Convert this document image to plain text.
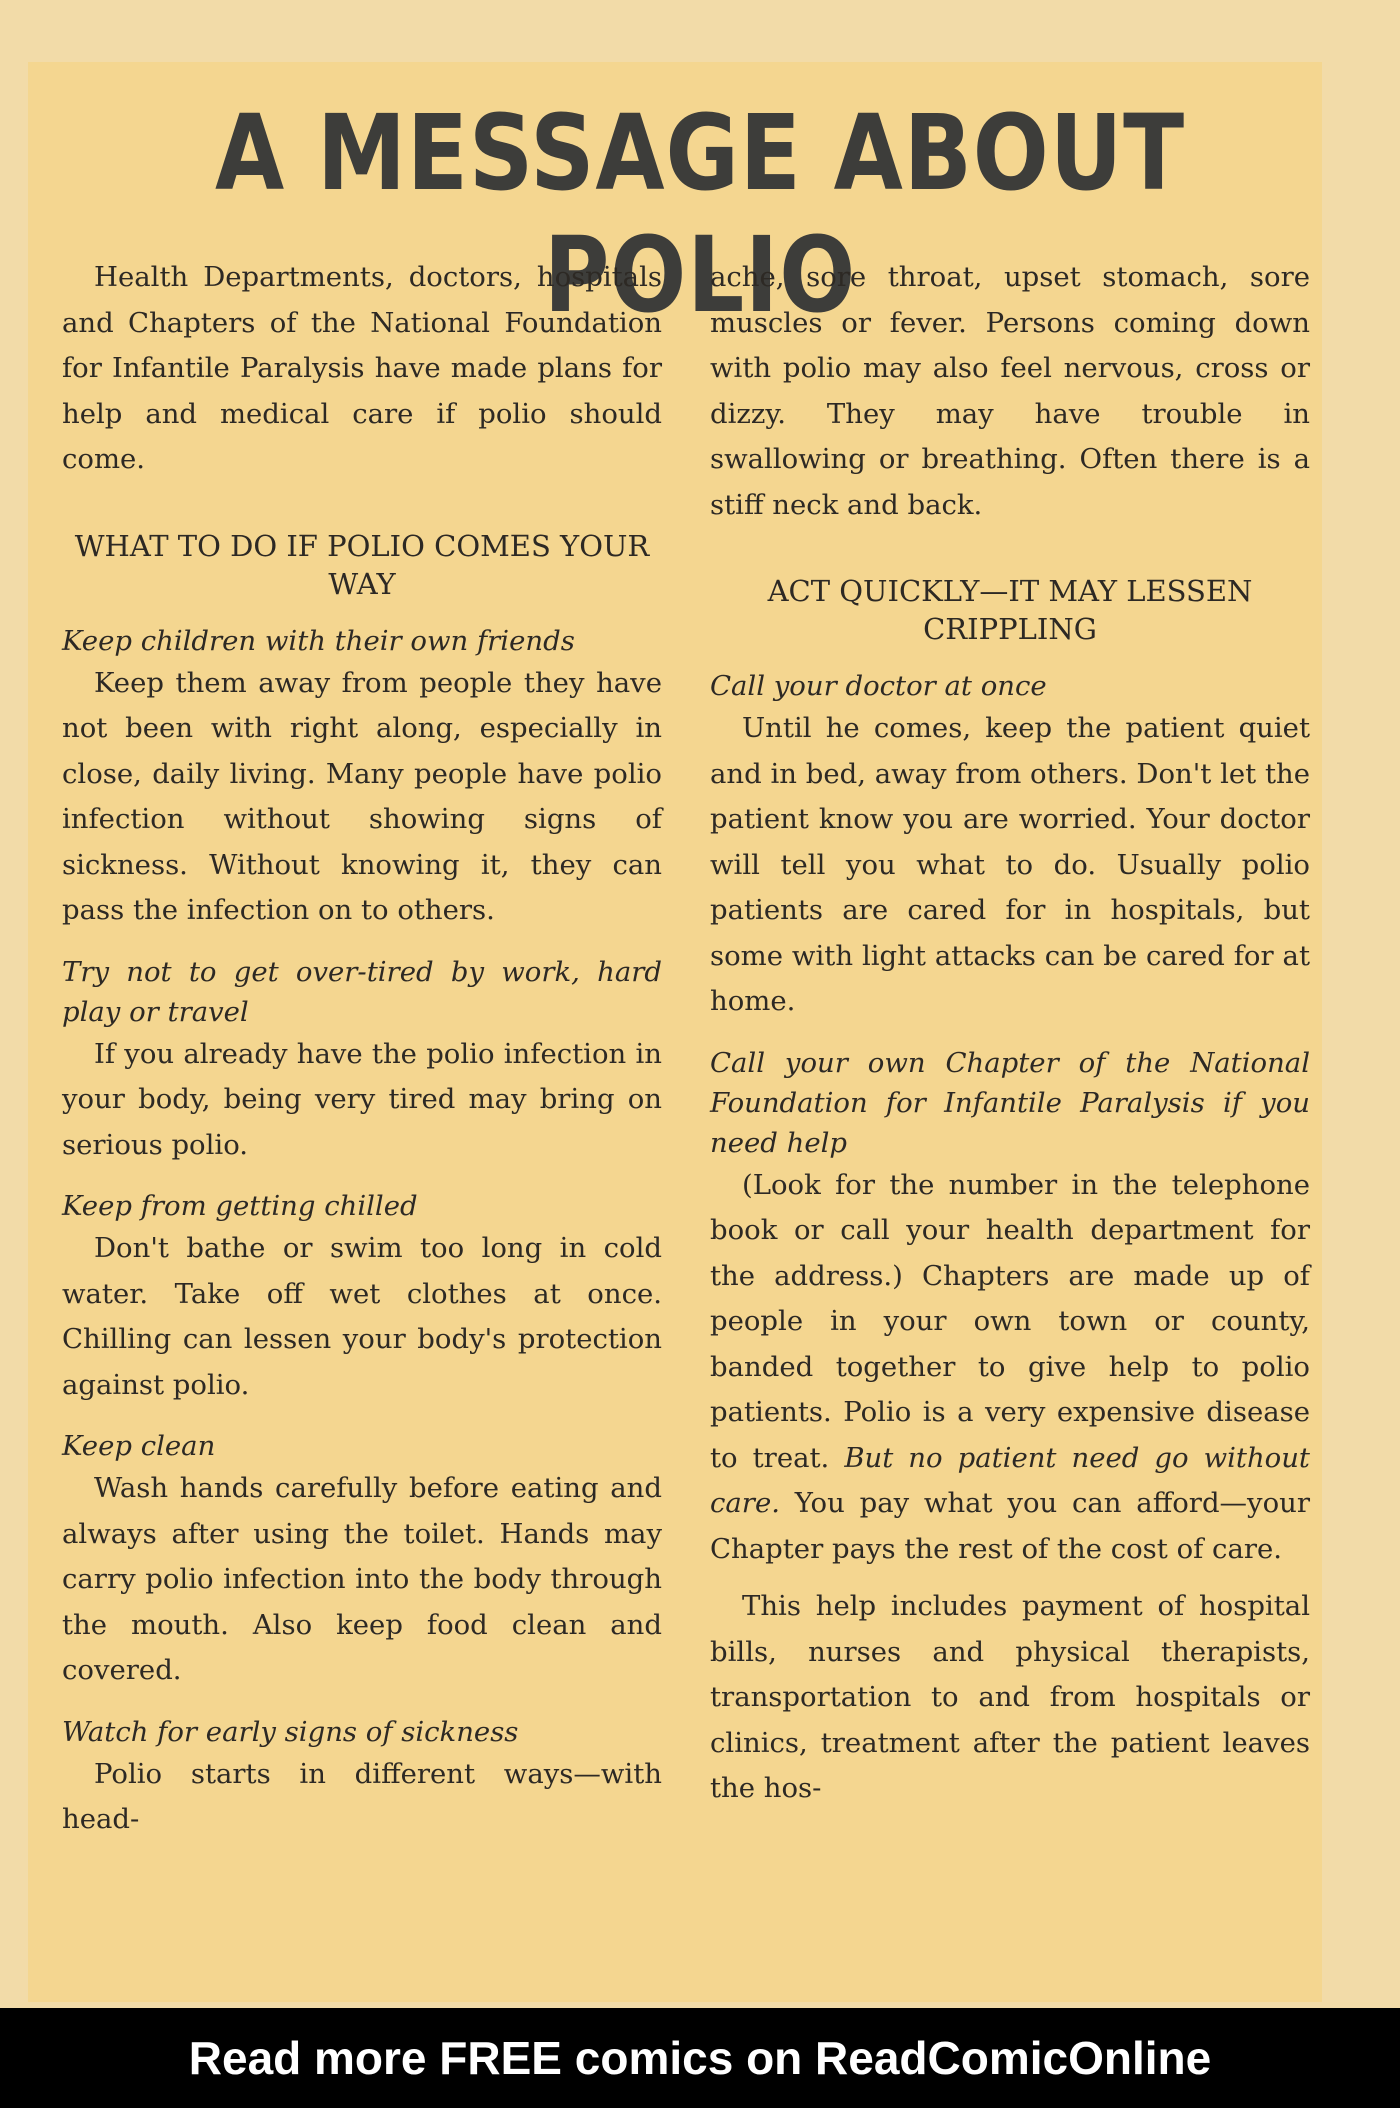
A MESSAGE ABOUT POLIO

Health Departments, doctors, hospitals and Chapters of the National Foundation for Infantile Paralysis have made plans for help and medical care if polio should come.

WHAT TO DO IF POLIO COMES YOUR WAY

Keep children with their own friends

Keep them away from people they have not been with right along, especially in close, daily living. Many people have polio infection without showing signs of sickness. Without knowing it, they can pass the infection on to others.

Try not to get over-tired by work, hard play or travel

If you already have the polio infection in your body, being very tired may bring on serious polio.

Keep from getting chilled

Don't bathe or swim too long in cold water. Take off wet clothes at once. Chilling can lessen your body's protection against polio.

Keep clean

Wash hands carefully before eating and always after using the toilet. Hands may carry polio infection into the body through the mouth. Also keep food clean and covered.

Watch for early signs of sickness

Polio starts in different ways—with head-

ache, sore throat, upset stomach, sore muscles or fever. Persons coming down with polio may also feel nervous, cross or dizzy. They may have trouble in swallowing or breathing. Often there is a stiff neck and back.

ACT QUICKLY—IT MAY LESSEN CRIPPLING

Call your doctor at once

Until he comes, keep the patient quiet and in bed, away from others. Don't let the patient know you are worried. Your doctor will tell you what to do. Usually polio patients are cared for in hospitals, but some with light attacks can be cared for at home.

Call your own Chapter of the National Foundation for Infantile Paralysis if you need help

(Look for the number in the telephone book or call your health department for the address.) Chapters are made up of people in your own town or county, banded together to give help to polio patients. Polio is a very expensive disease to treat. But no patient need go without care. You pay what you can afford—your Chapter pays the rest of the cost of care.

This help includes payment of hospital bills, nurses and physical therapists, transportation to and from hospitals or clinics, treatment after the patient leaves the hos-

Read more FREE comics on ReadComicOnline
